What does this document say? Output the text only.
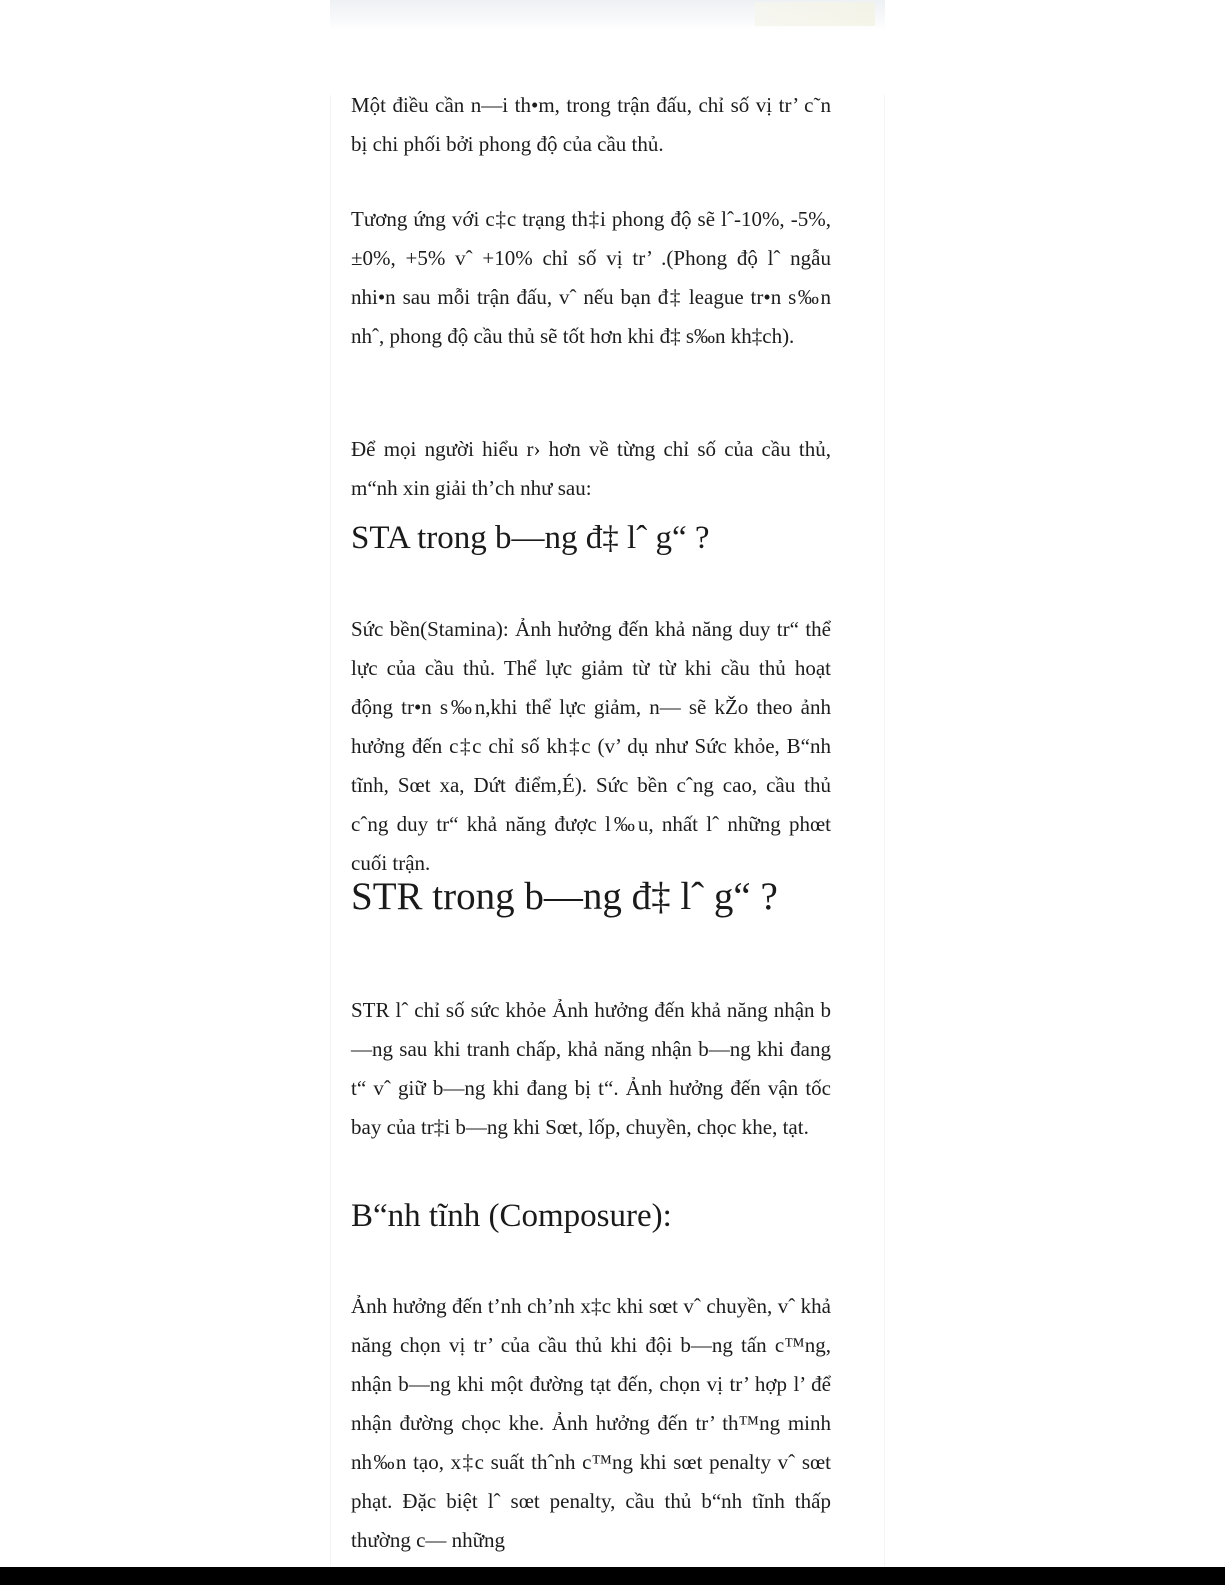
Một điều cần n—i th•m, trong trận đấu, chỉ số vị tr’ c˜n bị chi phối bởi phong độ của cầu thủ.

Tương ứng với c‡c trạng th‡i phong độ sẽ lˆ-10%, -5%, ±0%, +5% vˆ +10% chỉ số vị tr’ .(Phong độ lˆ ngẫu nhi•n sau mỗi trận đấu, vˆ nếu bạn đ‡ league tr•n s‰n nhˆ, phong độ cầu thủ sẽ tốt hơn khi đ‡ s‰n kh‡ch).

Để mọi người hiểu r› hơn về từng chỉ số của cầu thủ, m“nh xin giải th’ch như sau:

STA trong b—ng đ‡ lˆ g“ ?

Sức bền(Stamina): Ảnh hưởng đến khả năng duy tr“ thể lực của cầu thủ. Thể lực giảm từ từ khi cầu thủ hoạt động tr•n s‰n,khi thể lực giảm, n— sẽ kŽo theo ảnh hưởng đến c‡c chỉ số kh‡c (v’ dụ như Sức khỏe, B“nh tĩnh, Sœt xa, Dứt điểm,É). Sức bền cˆng cao, cầu thủ cˆng duy tr“ khả năng được l‰u, nhất lˆ những phœt cuối trận.

STR trong b—ng đ‡ lˆ g“ ?

STR lˆ chỉ số sức khỏe Ảnh hưởng đến khả năng nhận b—ng sau khi tranh chấp, khả năng nhận b—ng khi đang t“ vˆ giữ b—ng khi đang bị t“. Ảnh hưởng đến vận tốc bay của tr‡i b—ng khi Sœt, lốp, chuyền, chọc khe, tạt.

B“nh tĩnh (Composure):

Ảnh hưởng đến t’nh ch’nh x‡c khi sœt vˆ chuyền, vˆ khả năng chọn vị tr’ của cầu thủ khi đội b—ng tấn c™ng, nhận b—ng khi một đường tạt đến, chọn vị tr’ hợp l’ để nhận đường chọc khe. Ảnh hưởng đến tr’ th™ng minh nh‰n tạo, x‡c suất thˆnh c™ng khi sœt penalty vˆ sœt phạt. Đặc biệt lˆ sœt penalty, cầu thủ b“nh tĩnh thấp thường c— những
